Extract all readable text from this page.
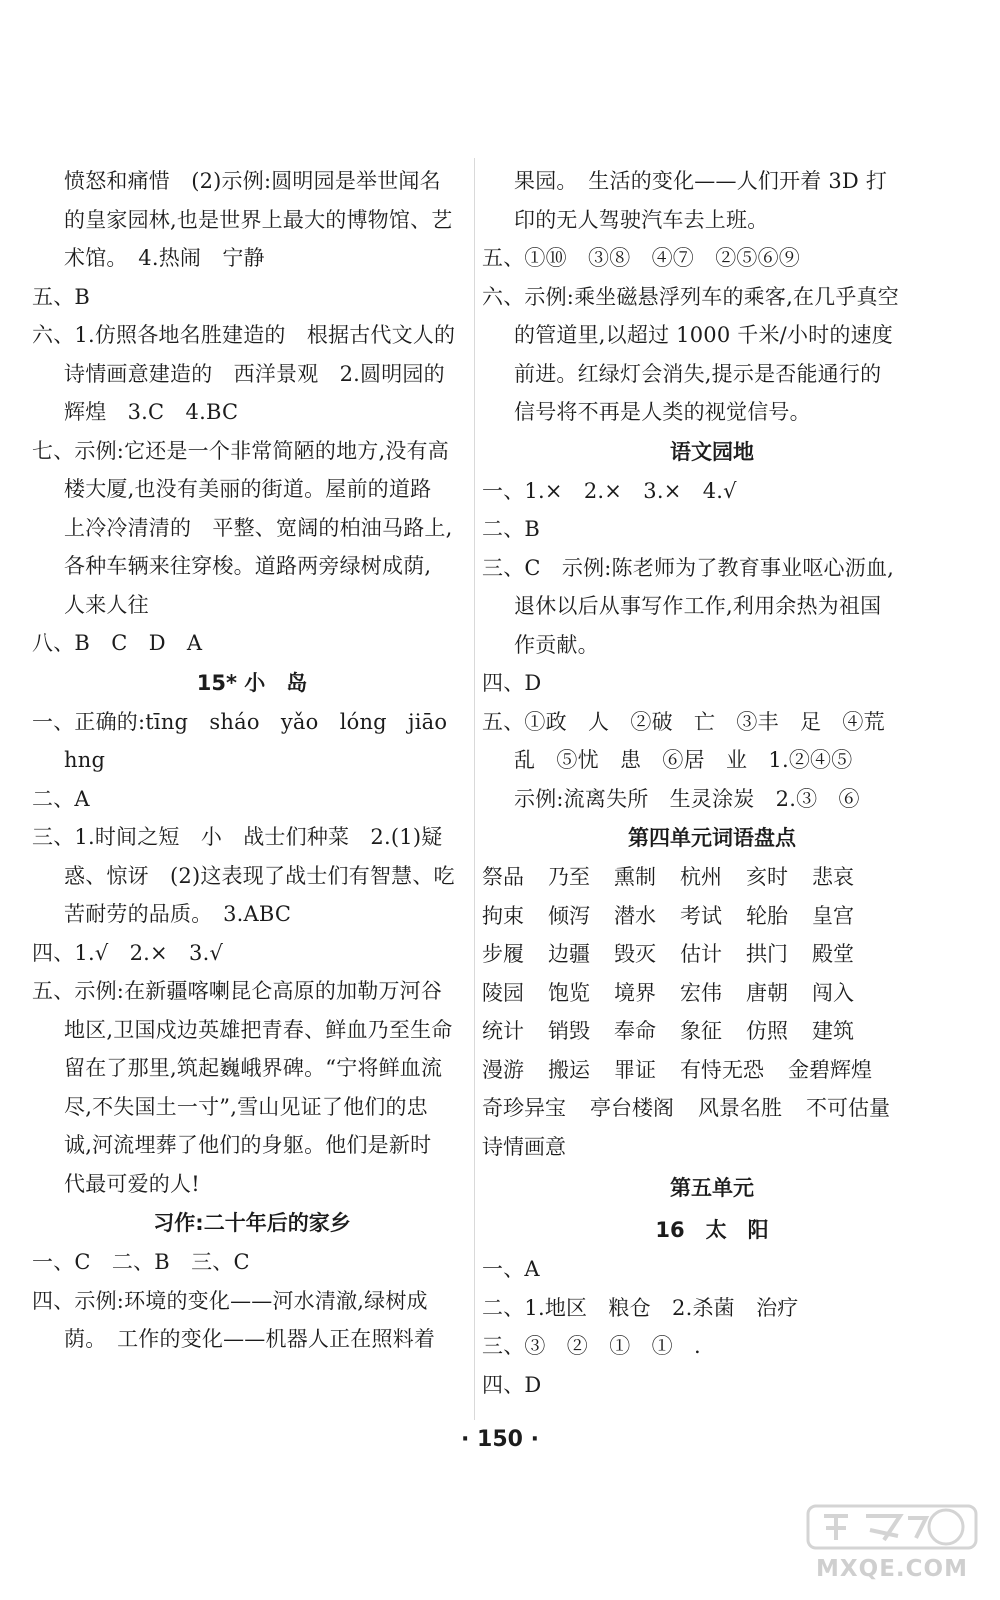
愤怒和痛惜　(2)示例:圆明园是举世闻名
的皇家园林,也是世界上最大的博物馆、艺
术馆。　4.热闹　宁静
五、B
六、1.仿照各地名胜建造的　根据古代文人的
诗情画意建造的　西洋景观　2.圆明园的
辉煌　3.C　4.BC
七、示例:它还是一个非常简陋的地方,没有高
楼大厦,也没有美丽的街道。屋前的道路
上冷冷清清的　平整、宽阔的柏油马路上,
各种车辆来往穿梭。道路两旁绿树成荫,
人来人往
八、B　C　D　A
15* 小　岛
一、正确的:tīng　sháo　yǎo　lóng　jiāo
hng
二、A
三、1.时间之短　小　战士们种菜　2.(1)疑
惑、惊讶　(2)这表现了战士们有智慧、吃
苦耐劳的品质。　3.ABC
四、1.√　2.×　3.√
五、示例:在新疆喀喇昆仑高原的加勒万河谷
地区,卫国戍边英雄把青春、鲜血乃至生命
留在了那里,筑起巍峨界碑。“宁将鲜血流
尽,不失国土一寸”,雪山见证了他们的忠
诚,河流埋葬了他们的身躯。他们是新时
代最可爱的人!
习作:二十年后的家乡
一、C　二、B　三、C
四、示例:环境的变化——河水清澈,绿树成
荫。　工作的变化——机器人正在照料着
果园。　生活的变化——人们开着 3D 打
印的无人驾驶汽车去上班。
五、①⑩　③⑧　④⑦　②⑤⑥⑨
六、示例:乘坐磁悬浮列车的乘客,在几乎真空
的管道里,以超过 1000 千米/小时的速度
前进。红绿灯会消失,提示是否能通行的
信号将不再是人类的视觉信号。
语文园地
一、1.×　2.×　3.×　4.√
二、B
三、C　示例:陈老师为了教育事业呕心沥血,
退休以后从事写作工作,利用余热为祖国
作贡献。
四、D
五、①政　人　②破　亡　③丰　足　④荒
乱　⑤忧　患　⑥居　业　1.②④⑤
示例:流离失所　生灵涂炭　2.③　⑥
第四单元词语盘点
祭品 乃至 熏制 杭州 亥时 悲哀
拘束 倾泻 潜水 考试 轮胎 皇宫
步履 边疆 毁灭 估计 拱门 殿堂
陵园 饱览 境界 宏伟 唐朝 闯入
统计 销毁 奉命 象征 仿照 建筑
漫游 搬运 罪证 有恃无恐 金碧辉煌
奇珍异宝 亭台楼阁 风景名胜 不可估量
诗情画意
第五单元
16　太　阳
一、A
二、1.地区　粮仓　2.杀菌　治疗
三、③　②　①　①　.
四、D
· 150 ·
MXQE.COM
